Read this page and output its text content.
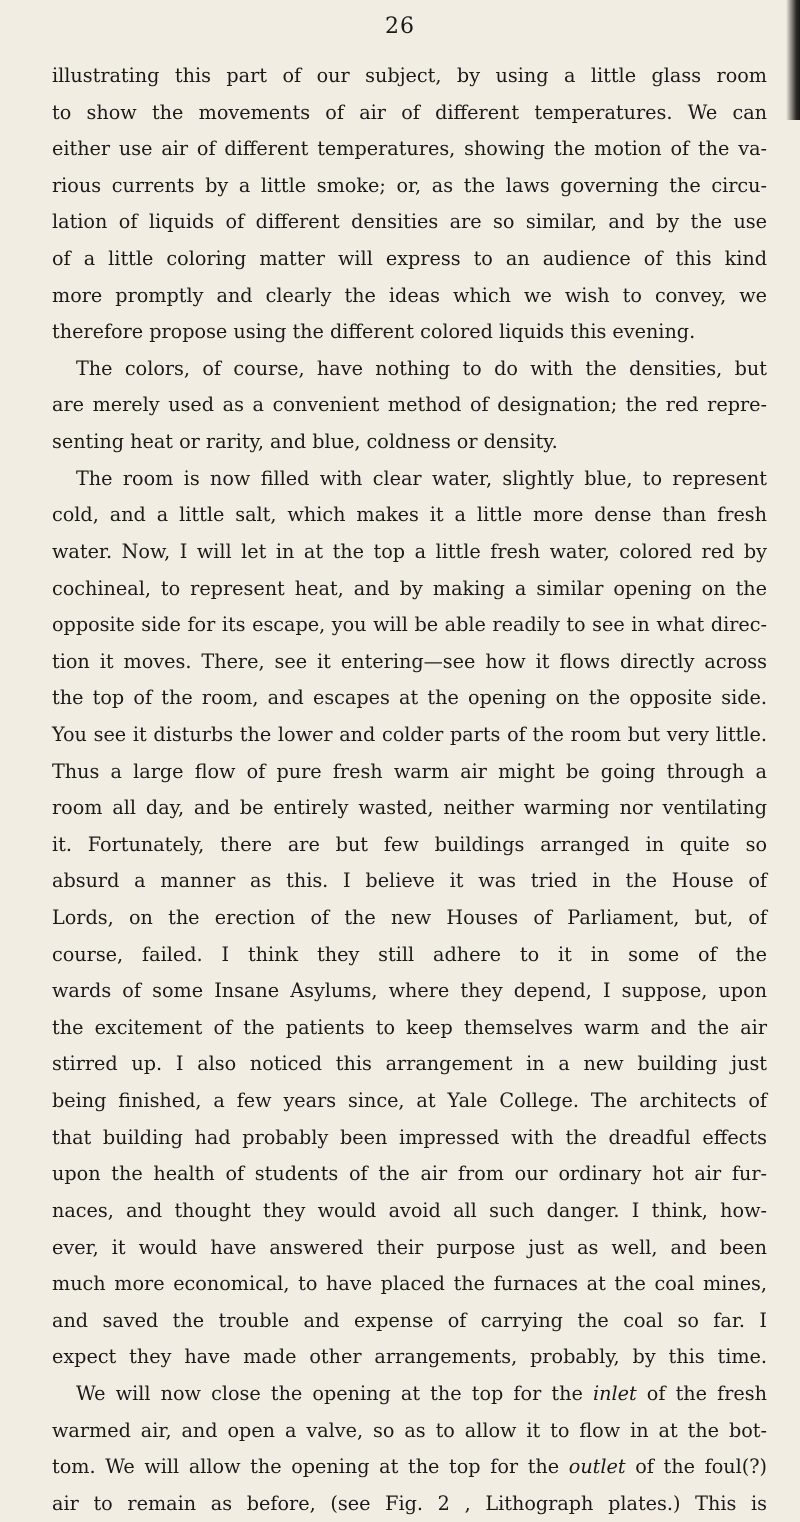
26
illustrating this part of our subject, by using a little glass room
to show the movements of air of different temperatures. We can
either use air of different temperatures, showing the motion of the va-
rious currents by a little smoke; or, as the laws governing the circu-
lation of liquids of different densities are so similar, and by the use
of a little coloring matter will express to an audience of this kind
more promptly and clearly the ideas which we wish to convey, we
therefore propose using the different colored liquids this evening.
The colors, of course, have nothing to do with the densities, but
are merely used as a convenient method of designation; the red repre-
senting heat or rarity, and blue, coldness or density.
The room is now filled with clear water, slightly blue, to represent
cold, and a little salt, which makes it a little more dense than fresh
water. Now, I will let in at the top a little fresh water, colored red by
cochineal, to represent heat, and by making a similar opening on the
opposite side for its escape, you will be able readily to see in what direc-
tion it moves. There, see it entering—see how it flows directly across
the top of the room, and escapes at the opening on the opposite side.
You see it disturbs the lower and colder parts of the room but very little.
Thus a large flow of pure fresh warm air might be going through a
room all day, and be entirely wasted, neither warming nor ventilating
it. Fortunately, there are but few buildings arranged in quite so
absurd a manner as this. I believe it was tried in the House of
Lords, on the erection of the new Houses of Parliament, but, of
course, failed. I think they still adhere to it in some of the
wards of some Insane Asylums, where they depend, I suppose, upon
the excitement of the patients to keep themselves warm and the air
stirred up. I also noticed this arrangement in a new building just
being finished, a few years since, at Yale College. The architects of
that building had probably been impressed with the dreadful effects
upon the health of students of the air from our ordinary hot air fur-
naces, and thought they would avoid all such danger. I think, how-
ever, it would have answered their purpose just as well, and been
much more economical, to have placed the furnaces at the coal mines,
and saved the trouble and expense of carrying the coal so far. I
expect they have made other arrangements, probably, by this time.
We will now close the opening at the top for the inlet of the fresh
warmed air, and open a valve, so as to allow it to flow in at the bot-
tom. We will allow the opening at the top for the outlet of the foul(?)
air to remain as before, (see Fig. 2 , Lithograph plates.) This is
